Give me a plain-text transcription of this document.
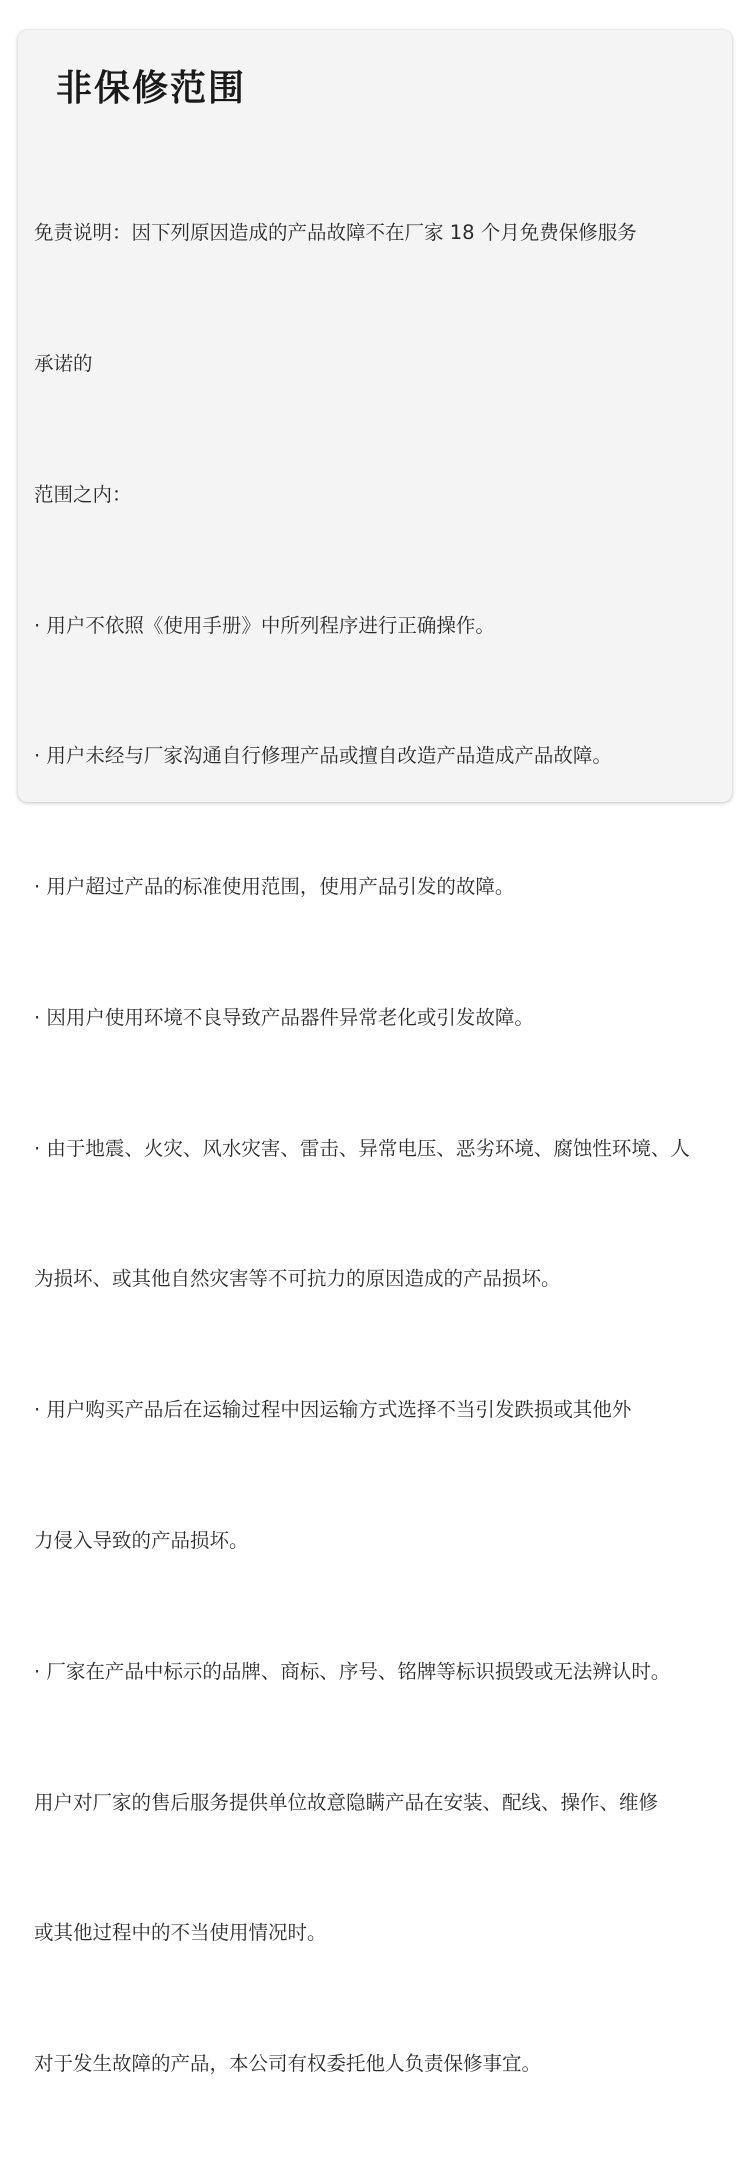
非保修范围

免责说明：因下列原因造成的产品故障不在厂家 18 个月免费保修服务

承诺的

范围之内：

· 用户不依照《使用手册》中所列程序进行正确操作。

· 用户未经与厂家沟通自行修理产品或擅自改造产品造成产品故障。

· 用户超过产品的标准使用范围，使用产品引发的故障。

· 因用户使用环境不良导致产品器件异常老化或引发故障。

· 由于地震、火灾、风水灾害、雷击、异常电压、恶劣环境、腐蚀性环境、人

为损坏、或其他自然灾害等不可抗力的原因造成的产品损坏。

· 用户购买产品后在运输过程中因运输方式选择不当引发跌损或其他外

力侵入导致的产品损坏。

· 厂家在产品中标示的品牌、商标、序号、铭牌等标识损毁或无法辨认时。

用户对厂家的售后服务提供单位故意隐瞒产品在安装、配线、操作、维修

或其他过程中的不当使用情况时。

对于发生故障的产品，本公司有权委托他人负责保修事宜。
